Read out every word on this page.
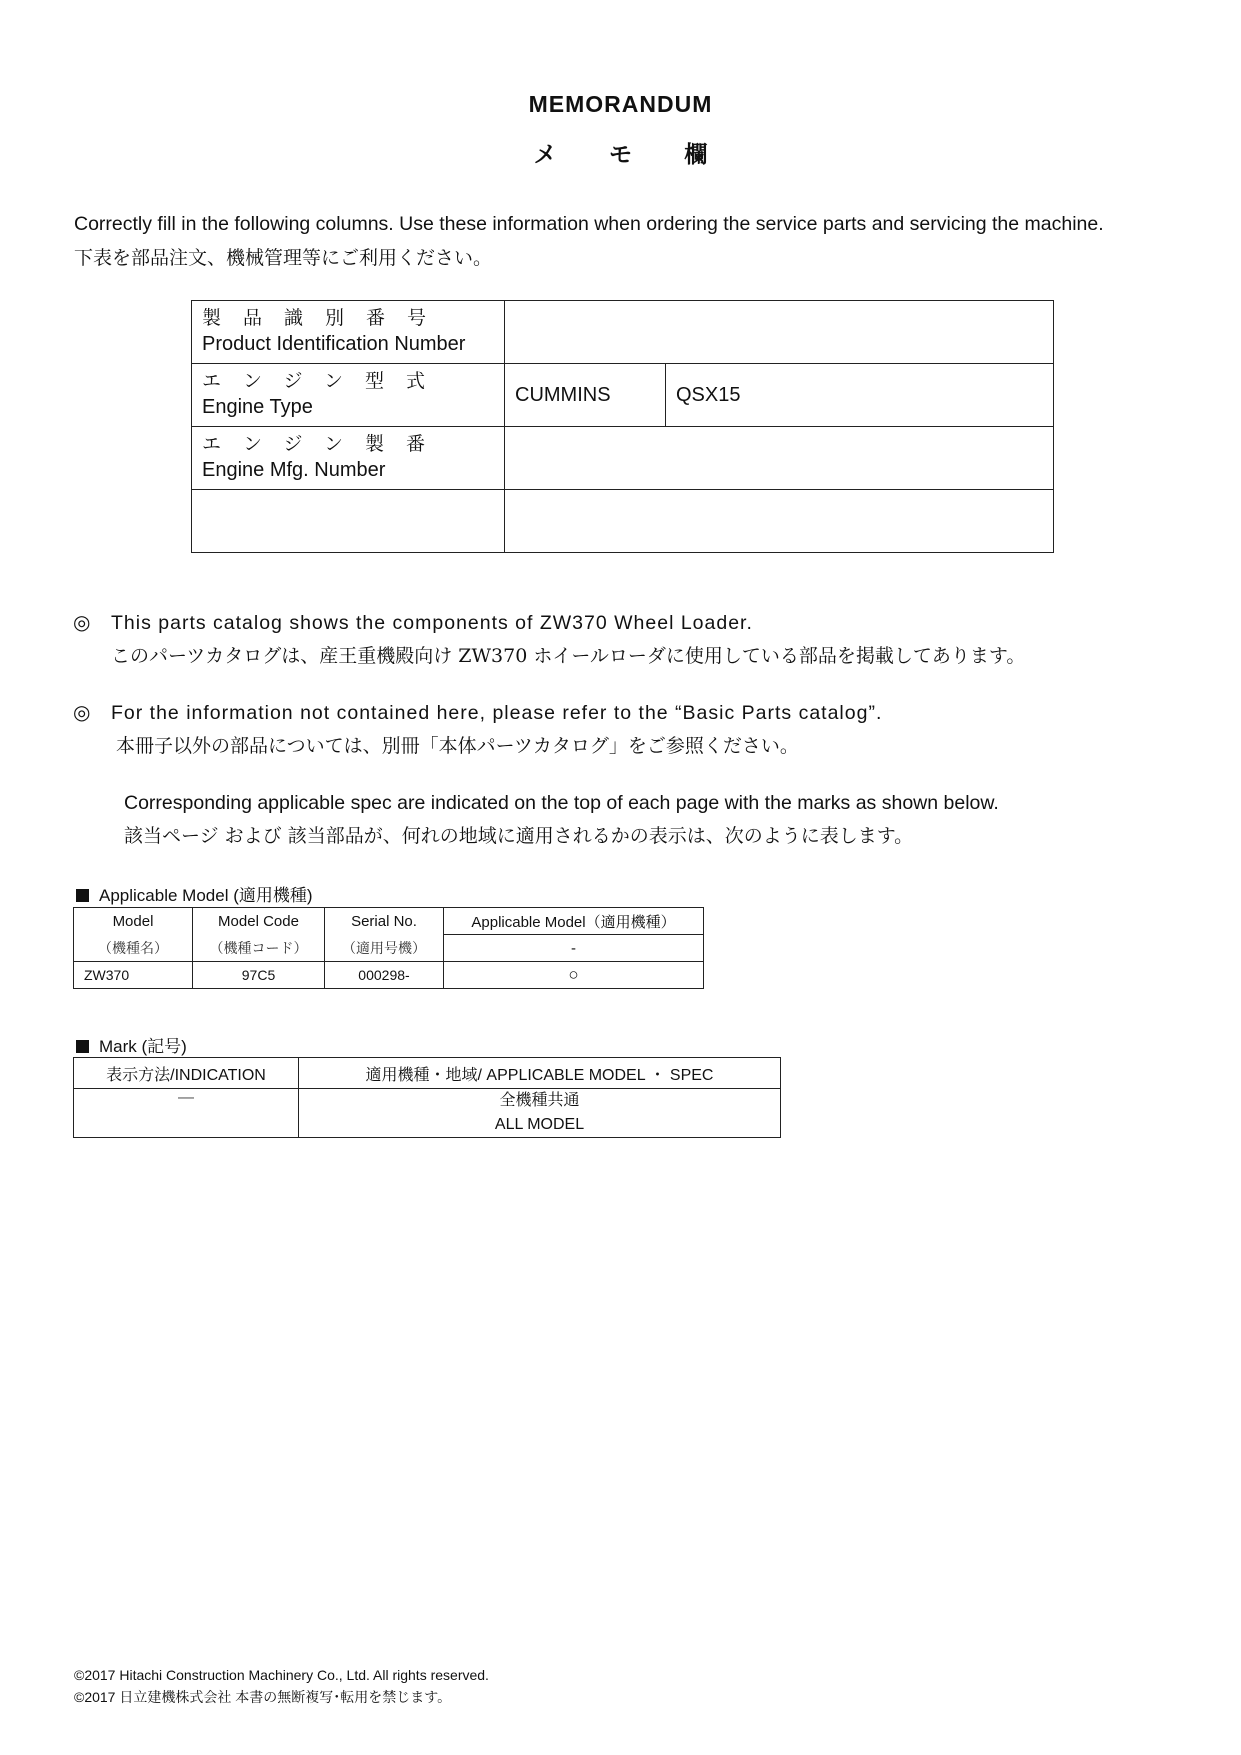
MEMORANDUM
メ モ 欄
Correctly fill in the following columns. Use these information when ordering the service parts and servicing the machine.
下表を部品注文、機械管理等にご利用ください。
製品識別番号
Product Identification Number		

エンジン型式
Engine Type	CUMMINS	QSX15

エンジン製番
Engine Mfg. Number		

◎ This parts catalog shows the components of ZW370 Wheel Loader.
このパーツカタログは、産王重機殿向け ZW370 ホイールローダに使用している部品を掲載してあります。
◎ For the information not contained here, please refer to the “Basic Parts catalog”.
本冊子以外の部品については、別冊「本体パーツカタログ」をご参照ください。
Corresponding applicable spec are indicated on the top of each page with the marks as shown below.
該当ページ および 該当部品が、何れの地域に適用されるかの表示は、次のように表します。
Applicable Model (適用機種)
Model	Model Code	Serial No.	Applicable Model（適用機種）
（機種名）	（機種コード）	（適用号機）	-
ZW370	97C5	000298-	○
Mark (記号)
表示方法/INDICATION	適用機種・地域/ APPLICABLE MODEL ・ SPEC
—	全機種共通
ALL MODEL
©2017 Hitachi Construction Machinery Co., Ltd. All rights reserved.
©2017 日立建機株式会社 本書の無断複写･転用を禁じます。
